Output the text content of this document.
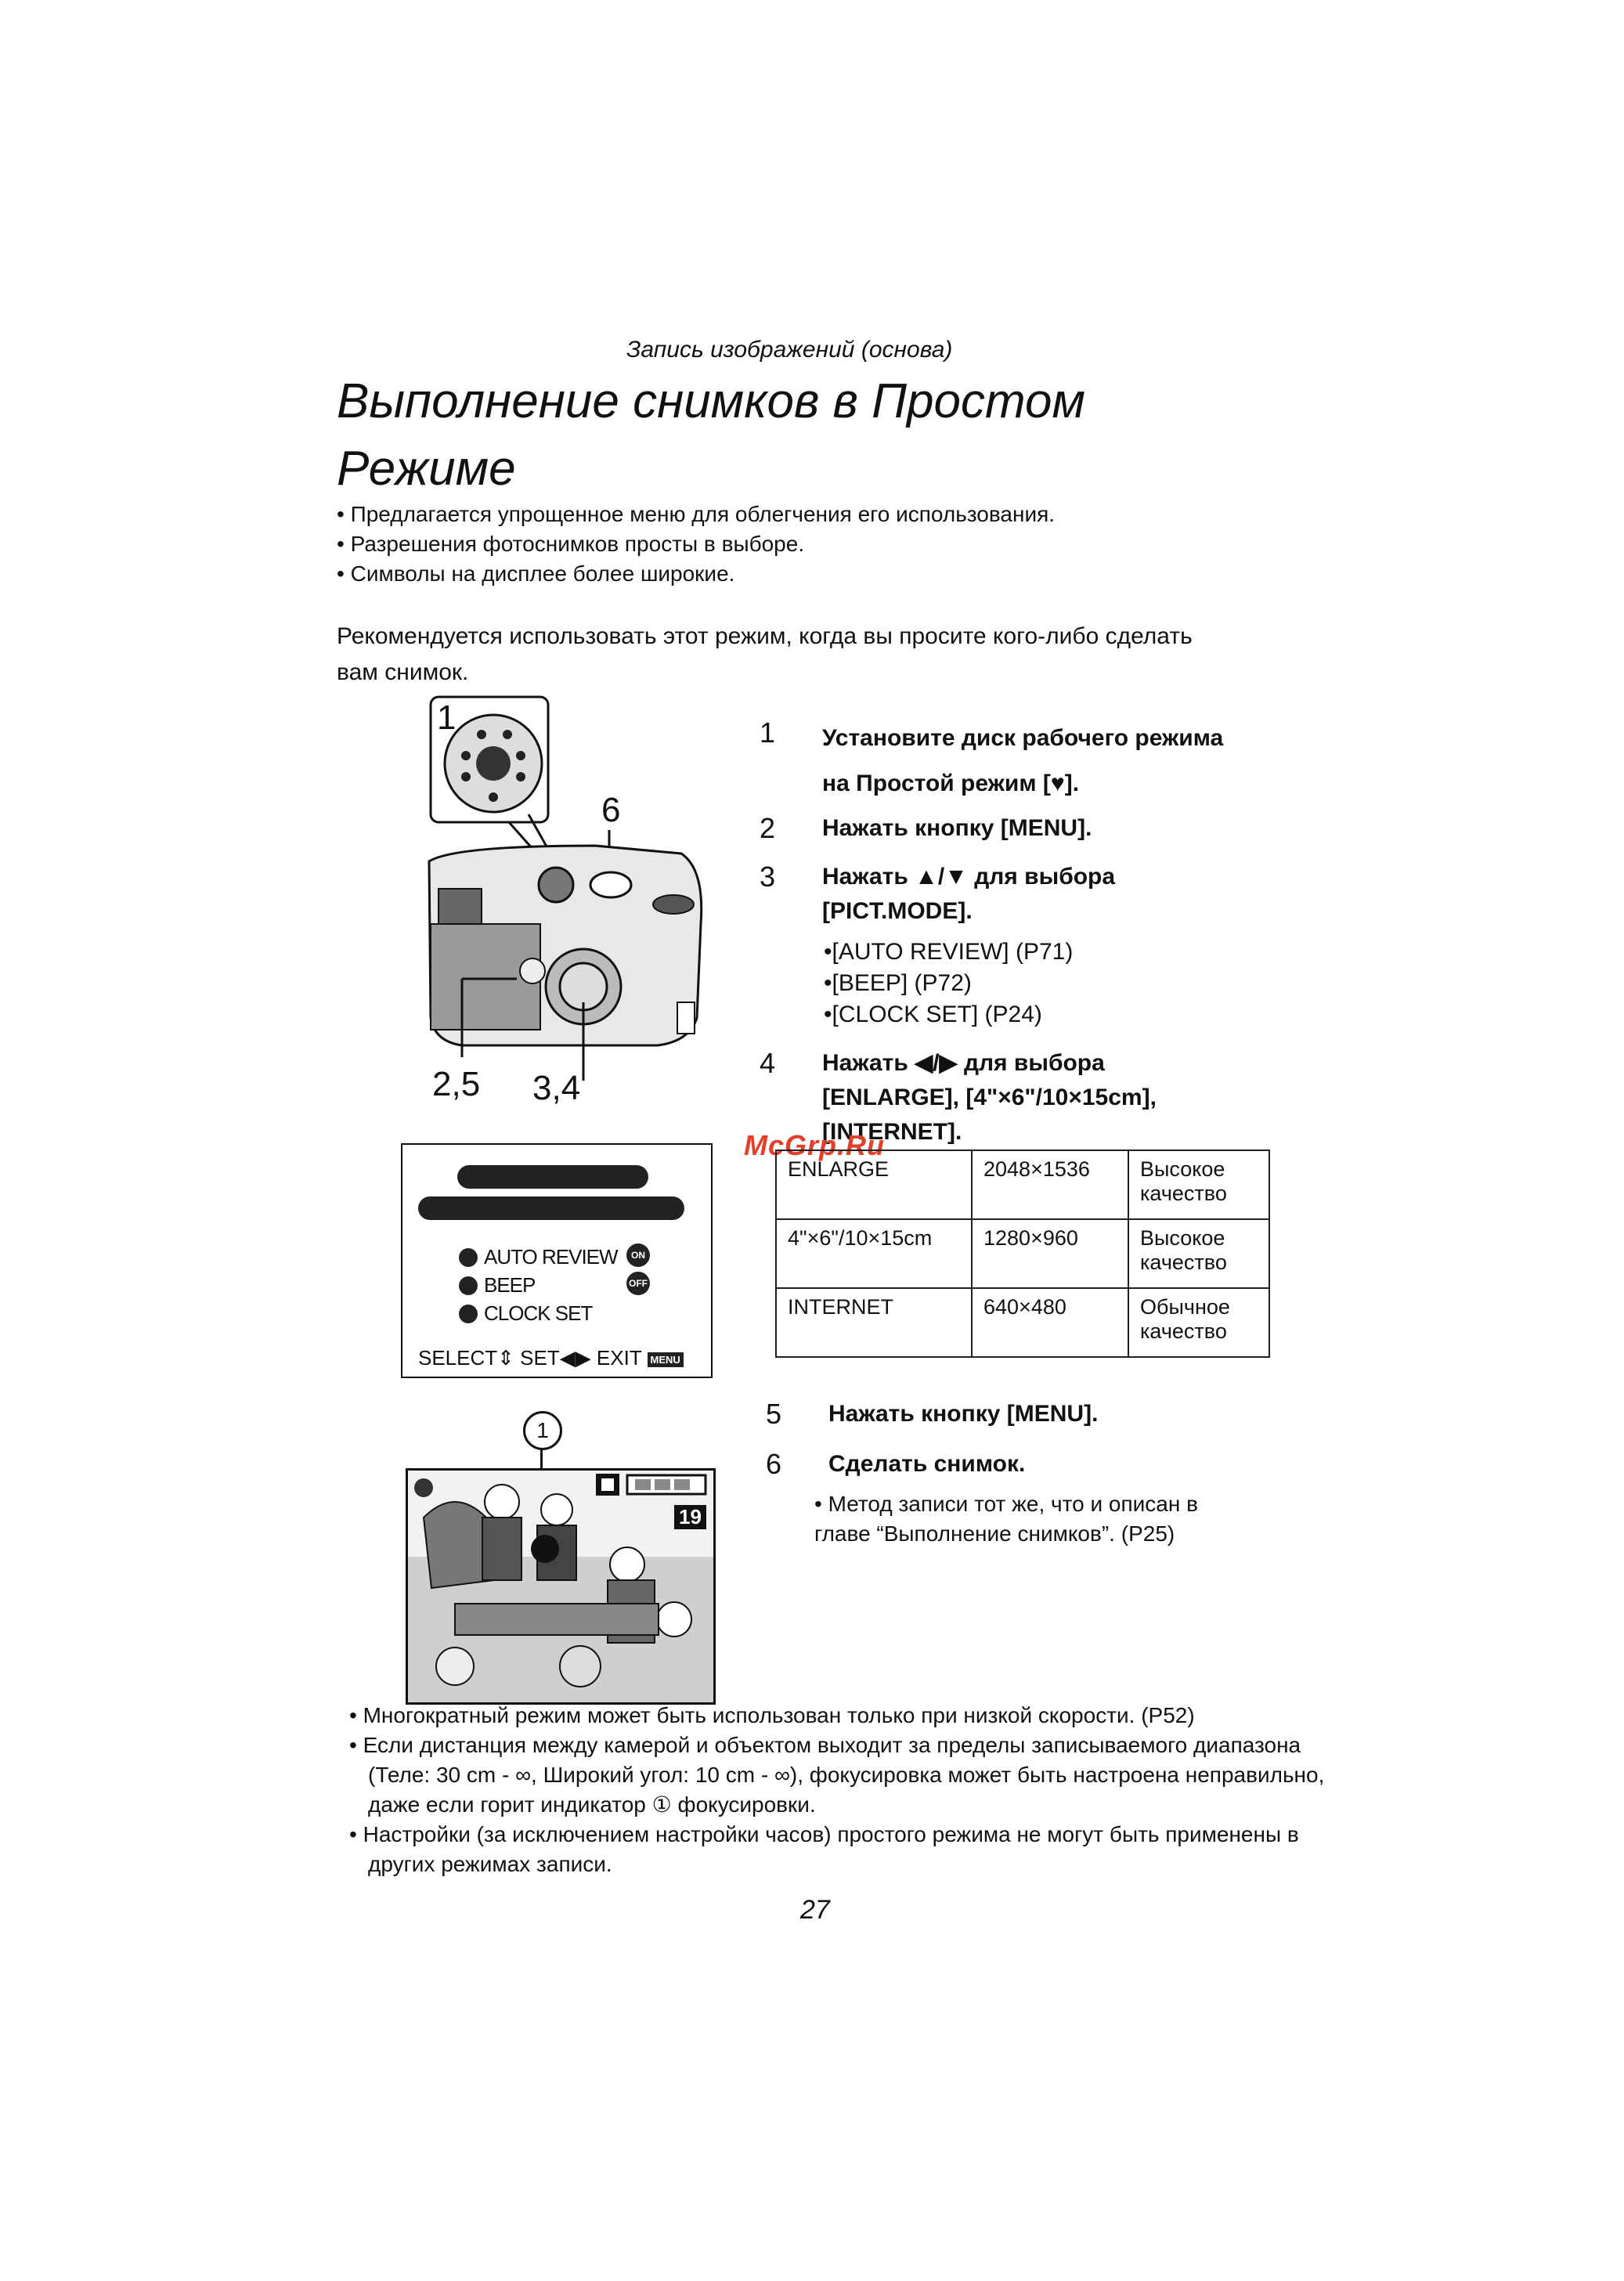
Запись изображений (основа)
Выполнение снимков в Простом
Режиме
• Предлагается упрощенное меню для облегчения его использования.
• Разрешения фотоснимков просты в выборе.
• Символы на дисплее более широкие.
Рекомендуется использовать этот режим, когда вы просите кого-либо сделать
вам снимок.
1
6
2,5 3,4
1 Установите диск рабочего режима
на Простой режим [♥].
2 Нажать кнопку [MENU].
3 Нажать ▲/▼ для выбора
[PICT.MODE].
•[AUTO REVIEW] (P71)
•[BEEP] (P72)
•[CLOCK SET] (P24)
4 Нажать ◀/▶ для выбора
[ENLARGE], [4"×6"/10×15cm],
[INTERNET].
McGrp.Ru
AUTO REVIEW	ON
BEEP	OFF
CLOCK SET
SELECT⇕ SET◀▶ EXIT MENU
ENLARGE	2048×1536	Высокое качество
4"×6"/10×15cm	1280×960	Высокое качество
INTERNET	640×480	Обычное качество
5 Нажать кнопку [MENU].
6 Сделать снимок.
• Метод записи тот же, что и описан в главе “Выполнение снимков”. (P25)
1
19
• Многократный режим может быть использован только при низкой скорости. (P52)
• Если дистанция между камерой и объектом выходит за пределы записываемого диапазона (Теле: 30 cm - ∞, Широкий угол: 10 cm - ∞), фокусировка может быть настроена неправильно, даже если горит индикатор ① фокусировки.
• Настройки (за исключением настройки часов) простого режима не могут быть применены в других режимах записи.
27
